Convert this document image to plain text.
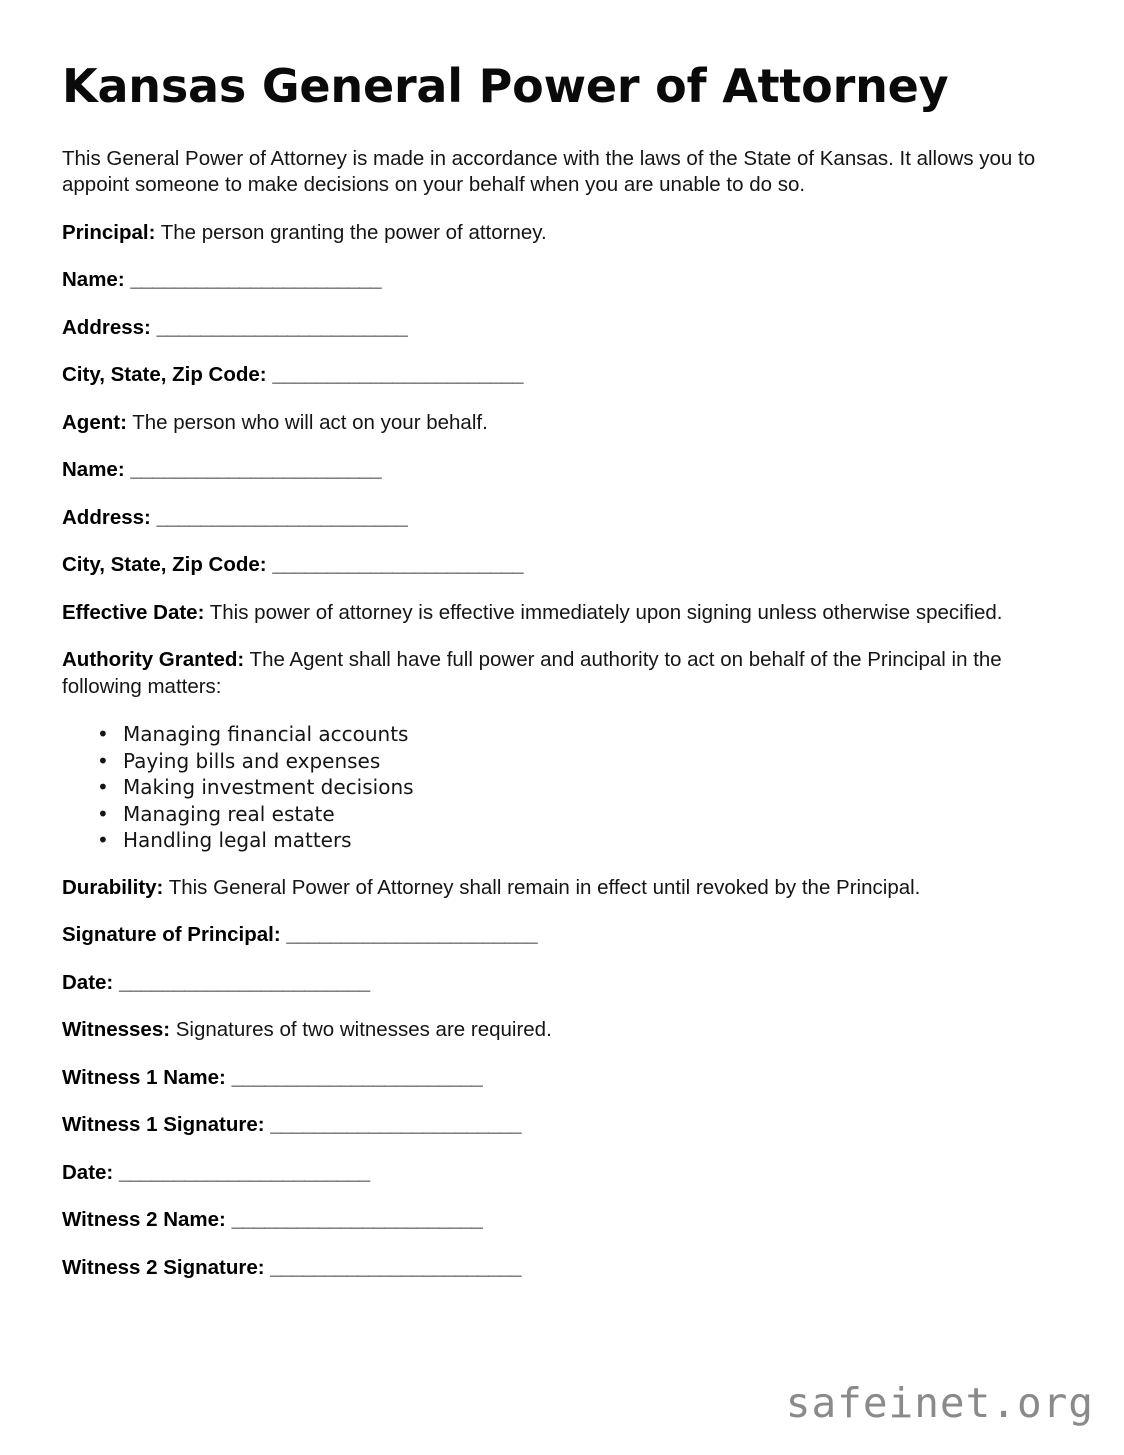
Kansas General Power of Attorney

This General Power of Attorney is made in accordance with the laws of the State of Kansas. It allows you to appoint someone to make decisions on your behalf when you are unable to do so.

Principal: The person granting the power of attorney.

Name: _______________________

Address: _______________________

City, State, Zip Code: _______________________

Agent: The person who will act on your behalf.

Name: _______________________

Address: _______________________

City, State, Zip Code: _______________________

Effective Date: This power of attorney is effective immediately upon signing unless otherwise specified.

Authority Granted: The Agent shall have full power and authority to act on behalf of the Principal in the following matters:

• Managing financial accounts
• Paying bills and expenses
• Making investment decisions
• Managing real estate
• Handling legal matters

Durability: This General Power of Attorney shall remain in effect until revoked by the Principal.

Signature of Principal: _______________________

Date: _______________________

Witnesses: Signatures of two witnesses are required.

Witness 1 Name: _______________________

Witness 1 Signature: _______________________

Date: _______________________

Witness 2 Name: _______________________

Witness 2 Signature: _______________________

safeinet.org
